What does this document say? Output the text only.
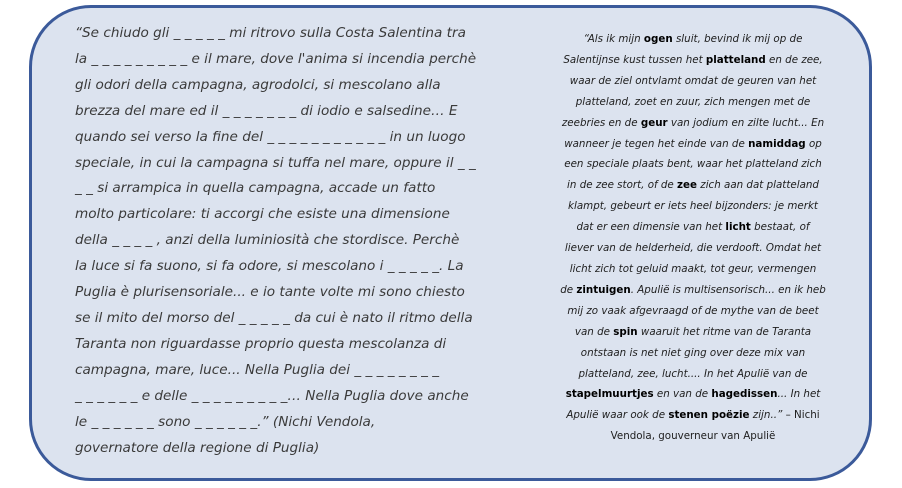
“Se chiudo gli _ _ _ _ _ mi ritrovo sulla Costa Salentina tra
la _ _ _ _ _ _ _ _ _ e il mare, dove l'anima si incendia perchè
gli odori della campagna, agrodolci, si mescolano alla
brezza del mare ed il _ _ _ _ _ _ _ di iodio e salsedine… E
quando sei verso la fine del _ _ _ _ _ _ _ _ _ _ _ in un luogo
speciale, in cui la campagna si tuffa nel mare, oppure il _ _
_ _ si arrampica in quella campagna, accade un fatto
molto particolare: ti accorgi che esiste una dimensione
della _ _ _ _ , anzi della luminiosità che stordisce. Perchè
la luce si fa suono, si fa odore, si mescolano i _ _ _ _ _. La
Puglia è plurisensoriale... e io tante volte mi sono chiesto
se il mito del morso del _ _ _ _ _ da cui è nato il ritmo della
Taranta non riguardasse proprio questa mescolanza di
campagna, mare, luce... Nella Puglia dei _ _ _ _ _ _ _ _
_ _ _ _ _ _ e delle _ _ _ _ _ _ _ _ _… Nella Puglia dove anche
le _ _ _ _ _ _ sono _ _ _ _ _ _.” (Nichi Vendola,
governatore della regione di Puglia)
“Als ik mijn ogen sluit, bevind ik mij op de
Salentijnse kust tussen het platteland en de zee,
waar de ziel ontvlamt omdat de geuren van het
platteland, zoet en zuur, zich mengen met de
zeebries en de geur van jodium en zilte lucht... En
wanneer je tegen het einde van de namiddag op
een speciale plaats bent, waar het platteland zich
in de zee stort, of de zee zich aan dat platteland
klampt, gebeurt er iets heel bijzonders: je merkt
dat er een dimensie van het licht bestaat, of
liever van de helderheid, die verdooft. Omdat het
licht zich tot geluid maakt, tot geur, vermengen
de zintuigen. Apulië is multisensorisch... en ik heb
mij zo vaak afgevraagd of de mythe van de beet
van de spin waaruit het ritme van de Taranta
ontstaan is net niet ging over deze mix van
platteland, zee, lucht.... In het Apulië van de
stapelmuurtjes en van de hagedissen... In het
Apulië waar ook de stenen poëzie zijn..” – Nichi
Vendola, gouverneur van Apulië
